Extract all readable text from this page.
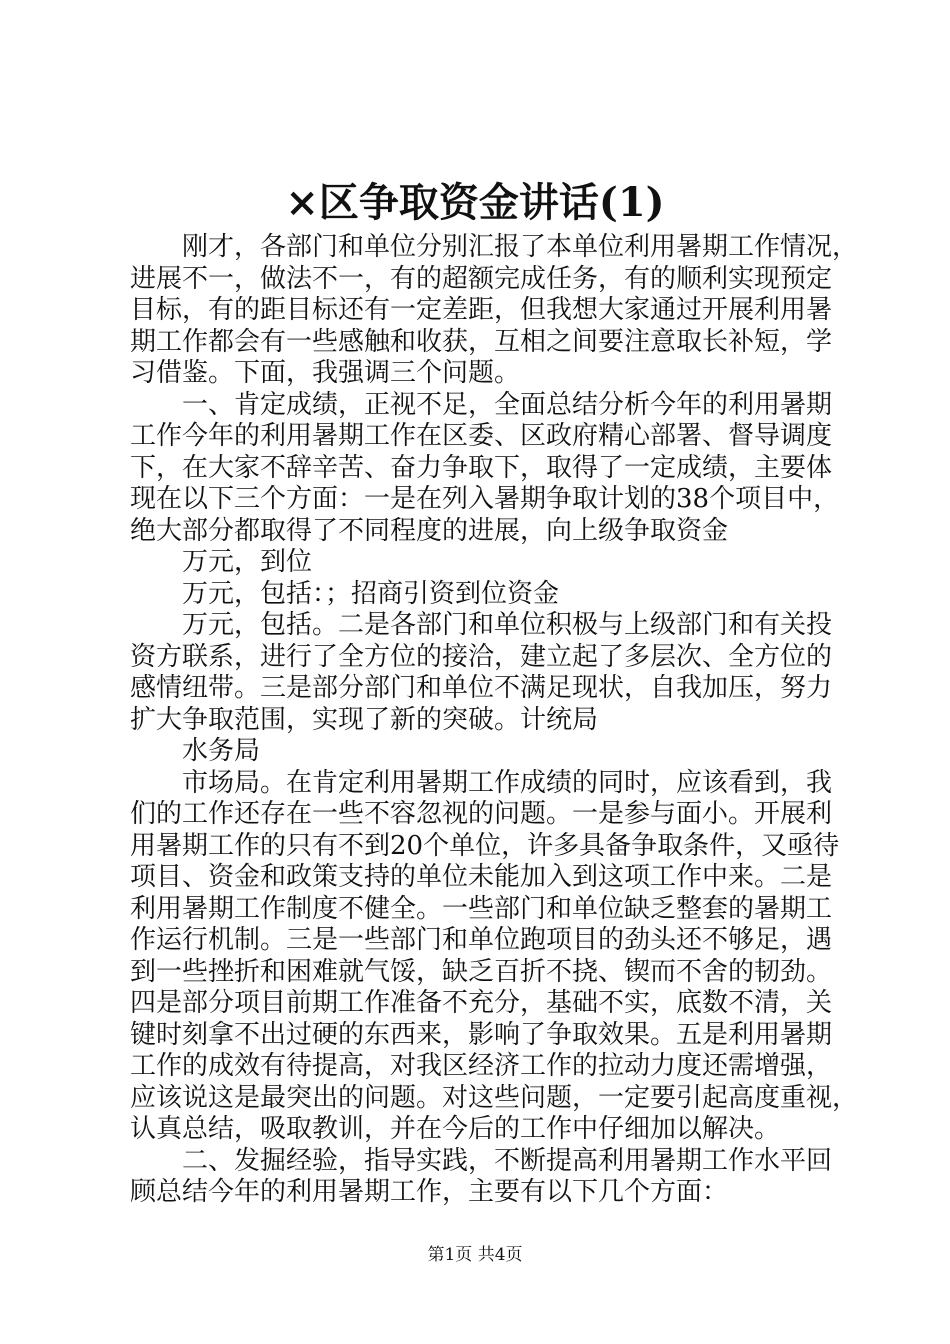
×区争取资金讲话(1)
刚才，各部门和单位分别汇报了本单位利用暑期工作情况，
进展不一，做法不一，有的超额完成任务，有的顺利实现预定
目标，有的距目标还有一定差距，但我想大家通过开展利用暑
期工作都会有一些感触和收获，互相之间要注意取长补短，学
习借鉴。下面，我强调三个问题。
一、肯定成绩，正视不足，全面总结分析今年的利用暑期
工作今年的利用暑期工作在区委、区政府精心部署、督导调度
下，在大家不辞辛苦、奋力争取下，取得了一定成绩，主要体
现在以下三个方面：一是在列入暑期争取计划的38个项目中，
绝大部分都取得了不同程度的进展，向上级争取资金
万元，到位
万元，包括：；招商引资到位资金
万元，包括。二是各部门和单位积极与上级部门和有关投
资方联系，进行了全方位的接洽，建立起了多层次、全方位的
感情纽带。三是部分部门和单位不满足现状，自我加压，努力
扩大争取范围，实现了新的突破。计统局
水务局
市场局。在肯定利用暑期工作成绩的同时，应该看到，我
们的工作还存在一些不容忽视的问题。一是参与面小。开展利
用暑期工作的只有不到20个单位，许多具备争取条件，又亟待
项目、资金和政策支持的单位未能加入到这项工作中来。二是
利用暑期工作制度不健全。一些部门和单位缺乏整套的暑期工
作运行机制。三是一些部门和单位跑项目的劲头还不够足，遇
到一些挫折和困难就气馁，缺乏百折不挠、锲而不舍的韧劲。
四是部分项目前期工作准备不充分，基础不实，底数不清，关
键时刻拿不出过硬的东西来，影响了争取效果。五是利用暑期
工作的成效有待提高，对我区经济工作的拉动力度还需增强，
应该说这是最突出的问题。对这些问题，一定要引起高度重视，
认真总结，吸取教训，并在今后的工作中仔细加以解决。
二、发掘经验，指导实践，不断提高利用暑期工作水平回
顾总结今年的利用暑期工作，主要有以下几个方面：
第1页 共4页
